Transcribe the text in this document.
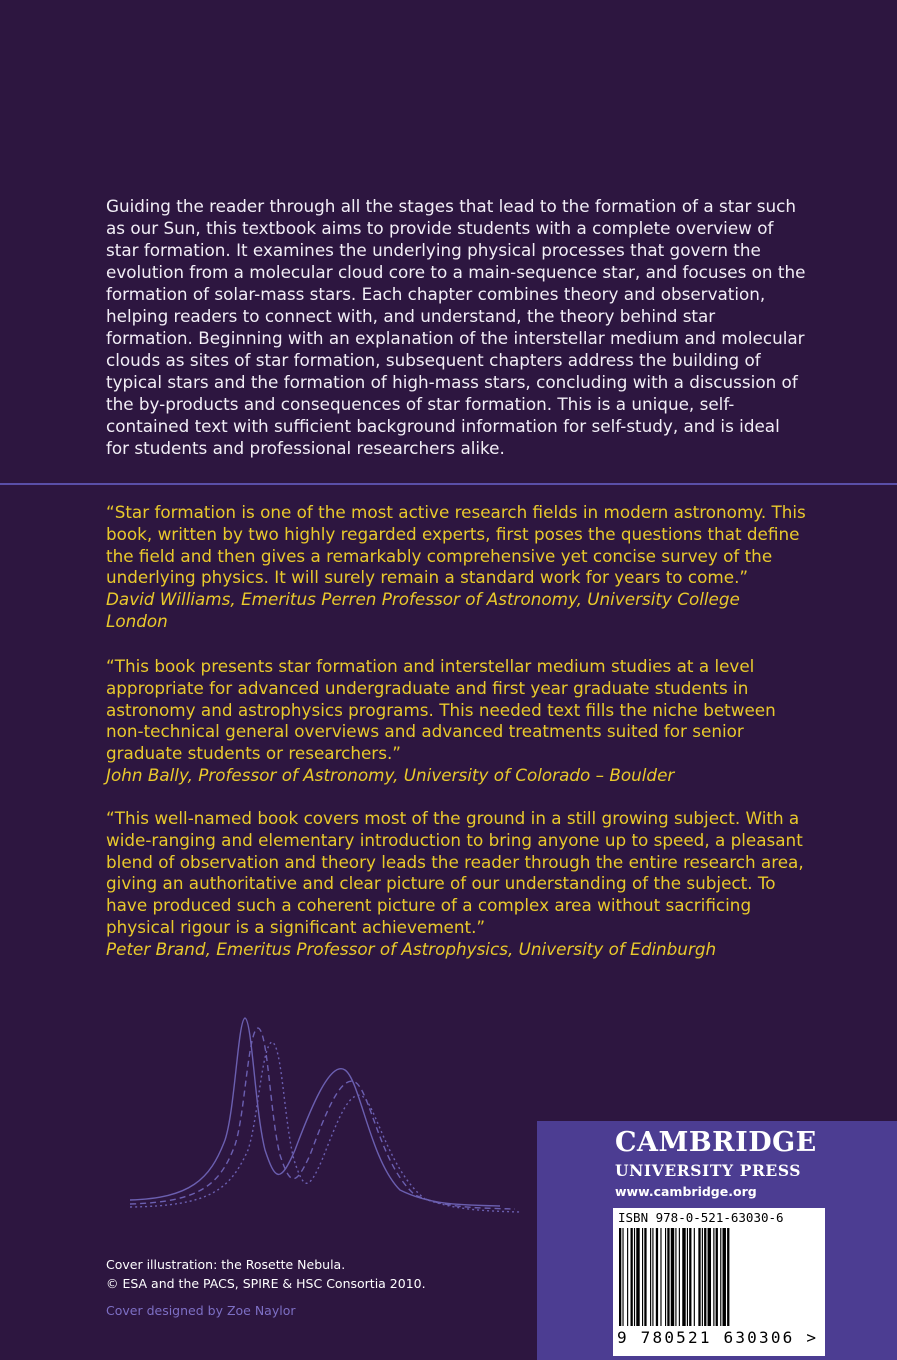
Guiding the reader through all the stages that lead to the formation of a star such as our Sun, this textbook aims to provide students with a complete overview of star formation. It examines the underlying physical processes that govern the evolution from a molecular cloud core to a main-sequence star, and focuses on the formation of solar-mass stars. Each chapter combines theory and observation, helping readers to connect with, and understand, the theory behind star formation. Beginning with an explanation of the interstellar medium and molecular clouds as sites of star formation, subsequent chapters address the building of typical stars and the formation of high-mass stars, concluding with a discussion of the by-products and consequences of star formation. This is a unique, self-contained text with sufficient background information for self-study, and is ideal for students and professional researchers alike.

“Star formation is one of the most active research fields in modern astronomy. This book, written by two highly regarded experts, first poses the questions that define the field and then gives a remarkably comprehensive yet concise survey of the underlying physics. It will surely remain a standard work for years to come.”
David Williams, Emeritus Perren Professor of Astronomy, University College London

“This book presents star formation and interstellar medium studies at a level appropriate for advanced undergraduate and first year graduate students in astronomy and astrophysics programs. This needed text fills the niche between non-technical general overviews and advanced treatments suited for senior graduate students or researchers.”
John Bally, Professor of Astronomy, University of Colorado – Boulder

“This well-named book covers most of the ground in a still growing subject. With a wide-ranging and elementary introduction to bring anyone up to speed, a pleasant blend of observation and theory leads the reader through the entire research area, giving an authoritative and clear picture of our understanding of the subject. To have produced such a coherent picture of a complex area without sacrificing physical rigour is a significant achievement.”
Peter Brand, Emeritus Professor of Astrophysics, University of Edinburgh

Cover illustration: the Rosette Nebula.
© ESA and the PACS, SPIRE & HSC Consortia 2010.

Cover designed by Zoe Naylor

CAMBRIDGE
UNIVERSITY PRESS
www.cambridge.org
ISBN 978-0-521-63030-6
9 780521 630306 >
